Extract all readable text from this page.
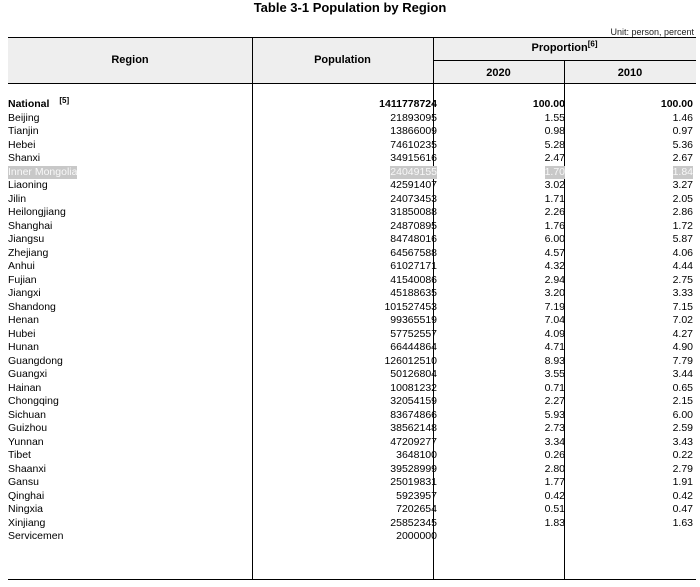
Table 3-1 Population by Region
Unit: person, percent
Region	Population
Proportion[6]
2020	2010
National [5]	1411778724	100.00	100.00
Beijing	21893095	1.55	1.46
Tianjin	13866009	0.98	0.97
Hebei	74610235	5.28	5.36
Shanxi	34915616	2.47	2.67
Inner Mongolia	24049155	1.70	1.84
Liaoning	42591407	3.02	3.27
Jilin	24073453	1.71	2.05
Heilongjiang	31850088	2.26	2.86
Shanghai	24870895	1.76	1.72
Jiangsu	84748016	6.00	5.87
Zhejiang	64567588	4.57	4.06
Anhui	61027171	4.32	4.44
Fujian	41540086	2.94	2.75
Jiangxi	45188635	3.20	3.33
Shandong	101527453	7.19	7.15
Henan	99365519	7.04	7.02
Hubei	57752557	4.09	4.27
Hunan	66444864	4.71	4.90
Guangdong	126012510	8.93	7.79
Guangxi	50126804	3.55	3.44
Hainan	10081232	0.71	0.65
Chongqing	32054159	2.27	2.15
Sichuan	83674866	5.93	6.00
Guizhou	38562148	2.73	2.59
Yunnan	47209277	3.34	3.43
Tibet	3648100	0.26	0.22
Shaanxi	39528999	2.80	2.79
Gansu	25019831	1.77	1.91
Qinghai	5923957	0.42	0.42
Ningxia	7202654	0.51	0.47
Xinjiang	25852345	1.83	1.63
Servicemen	2000000
